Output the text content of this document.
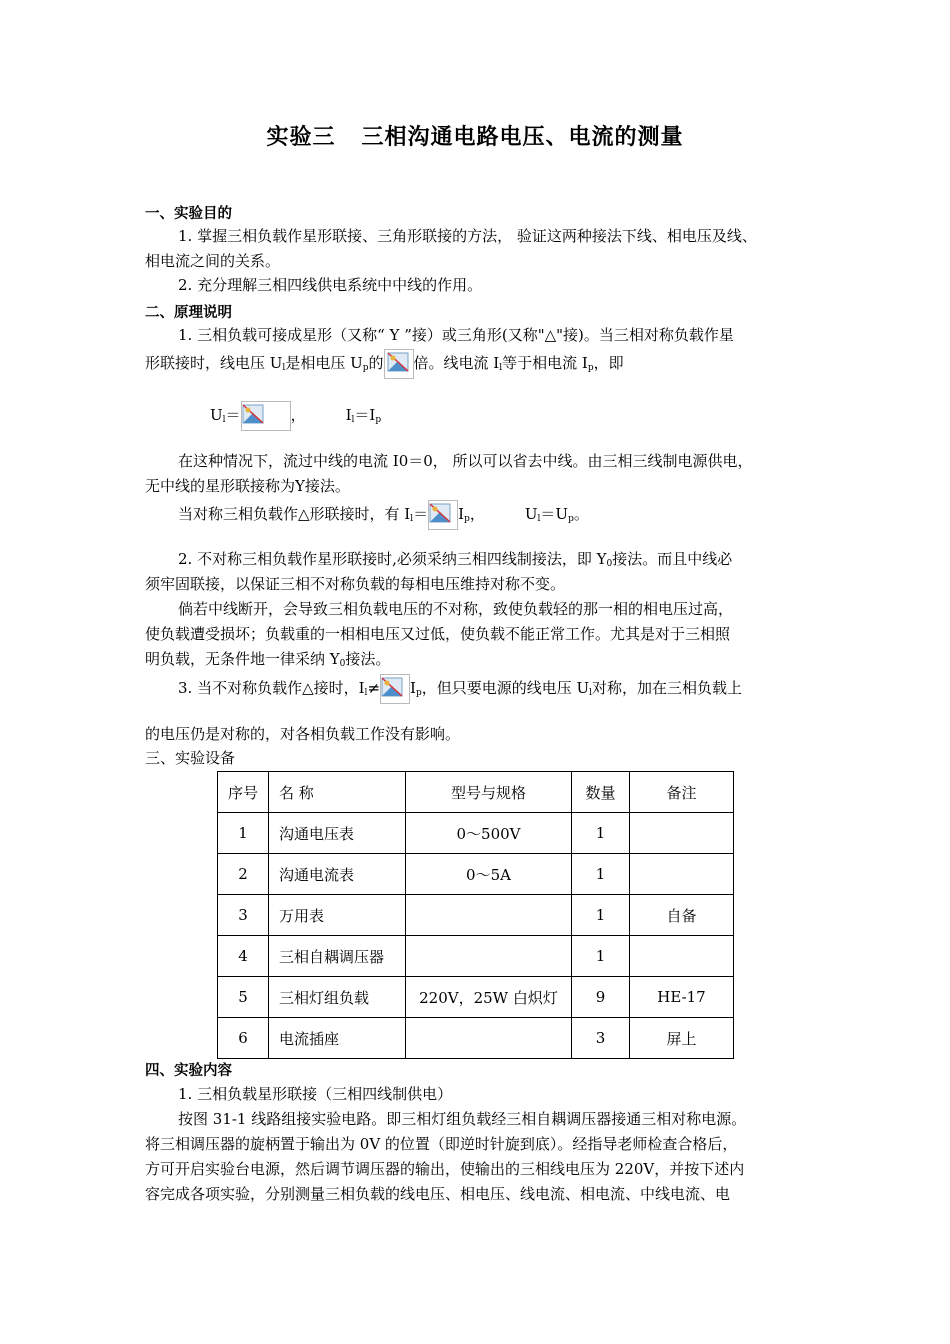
实验三 三相沟通电路电压、电流的测量
一、实验目的
1. 掌握三相负载作星形联接、三角形联接的方法， 验证这两种接法下线、相电压及线、
相电流之间的关系。
2. 充分理解三相四线供电系统中中线的作用。
二、原理说明
1. 三相负载可接成星形（又称“ Y ”接）或三角形(又称"△"接)。当三相对称负载作星
形联接时，线电压 $U_l$是相电压 $U_p$的 倍。线电流 $I_l$等于相电流 $I_p$，即
$U_l=$	，	$I_l=I_p$
在这种情况下，流过中线的电流 I0＝0， 所以可以省去中线。由三相三线制电源供电，
无中线的星形联接称为Y接法。
当对称三相负载作△形联接时，有 $I_l= I_p$，	$U_l=U_p$。
2. 不对称三相负载作星形联接时,必须采纳三相四线制接法，即 $Y_0$接法。而且中线必
须牢固联接，以保证三相不对称负载的每相电压维持对称不变。
倘若中线断开，会导致三相负载电压的不对称，致使负载轻的那一相的相电压过高，
使负载遭受损坏；负载重的一相相电压又过低，使负载不能正常工作。尤其是对于三相照
明负载，无条件地一律采纳 $Y_0$接法。
3. 当不对称负载作△接时，$I_l\ne I_p$，但只要电源的线电压 $U_l$对称，加在三相负载上
的电压仍是对称的，对各相负载工作没有影响。
三、实验设备
序号	名 称	型号与规格	数量	备注
1	沟通电压表	0～500V	1	
2	沟通电流表	0～5A	1	
3	万用表		1	自备
4	三相自耦调压器		1	
5	三相灯组负载	220V，25W 白炽灯	9	HE-17
6	电流插座		3	屏上
四、实验内容
1. 三相负载星形联接（三相四线制供电）
按图 31-1 线路组接实验电路。即三相灯组负载经三相自耦调压器接通三相对称电源。
将三相调压器的旋柄置于输出为 0V 的位置（即逆时针旋到底）。经指导老师检查合格后，
方可开启实验台电源，然后调节调压器的输出，使输出的三相线电压为 220V，并按下述内
容完成各项实验，分别测量三相负载的线电压、相电压、线电流、相电流、中线电流、电
